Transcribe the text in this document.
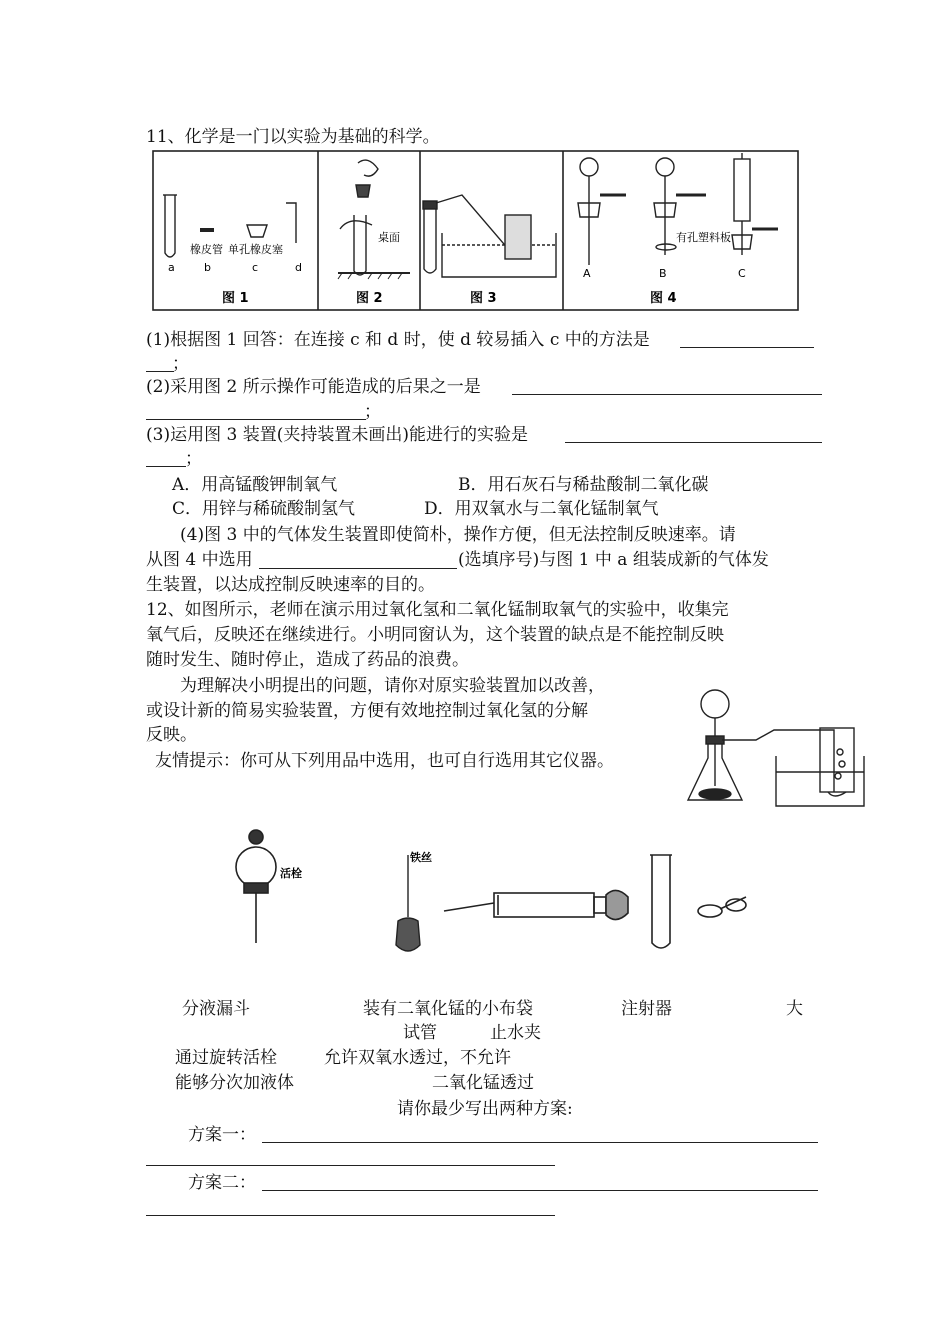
11、化学是一门以实验为基础的科学。
a	b	c	d
橡皮管 单孔橡皮塞
图 1
桌面
图 2	图 3
有孔塑料板
A	B	C
图 4
(1)根据图 1 回答：在连接 c 和 d 时，使 d 较易插入 c 中的方法是
；
(2)采用图 2 所示操作可能造成的后果之一是
；
(3)运用图 3 装置(夹持装置未画出)能进行的实验是
；
A．用高锰酸钾制氧气	B．用石灰石与稀盐酸制二氧化碳
C．用锌与稀硫酸制氢气	D．用双氧水与二氧化锰制氧气
(4)图 3 中的气体发生装置即使简朴，操作方便，但无法控制反映速率。请
从图 4 中选用	(选填序号)与图 1 中 a 组装成新的气体发
生装置，以达成控制反映速率的目的。
12、如图所示，老师在演示用过氧化氢和二氧化锰制取氧气的实验中，收集完
氧气后，反映还在继续进行。小明同窗认为，这个装置的缺点是不能控制反映
随时发生、随时停止，造成了药品的浪费。
为理解决小明提出的问题，请你对原实验装置加以改善，
或设计新的简易实验装置，方便有效地控制过氧化氢的分解
反映。
友情提示：你可从下列用品中选用，也可自行选用其它仪器。
活栓
铁丝
分液漏斗	装有二氧化锰的小布袋	注射器	大
试管	止水夹
通过旋转活栓	允许双氧水透过，不允许
能够分次加液体	二氧化锰透过
请你最少写出两种方案:
方案一：
方案二：
